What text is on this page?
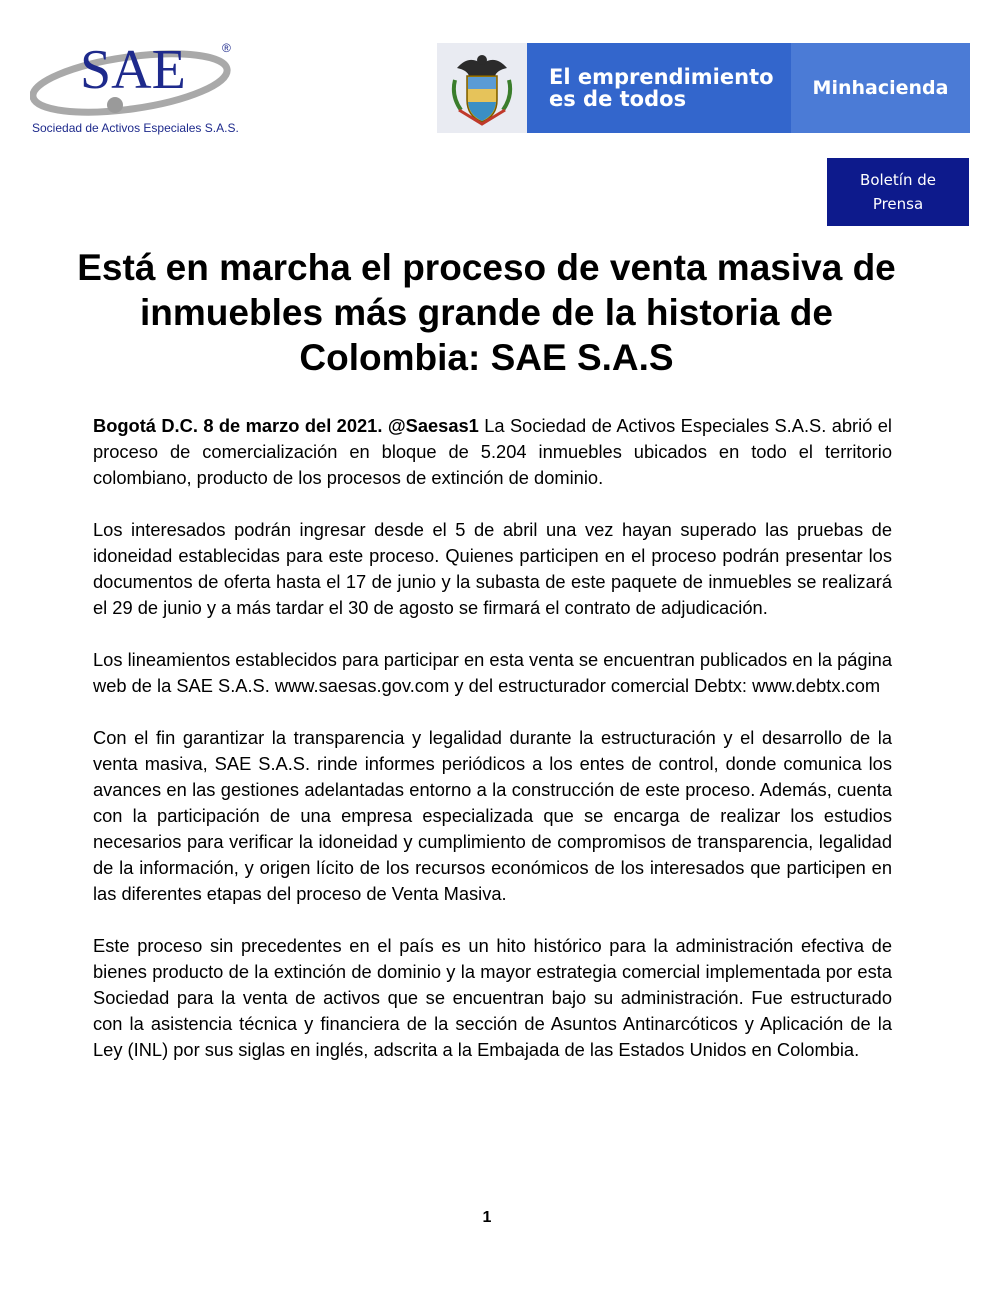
SAE	®
Sociedad de Activos Especiales S.A.S.
El emprendimiento
es de todos	Minhacienda
Boletín de
Prensa
Está en marcha el proceso de venta masiva de inmuebles más grande de la historia de Colombia: SAE S.A.S

Bogotá D.C. 8 de marzo del 2021. @Saesas1 La Sociedad de Activos Especiales S.A.S. abrió el proceso de comercialización en bloque de 5.204 inmuebles ubicados en todo el territorio colombiano, producto de los procesos de extinción de dominio.

Los interesados podrán ingresar desde el 5 de abril una vez hayan superado las pruebas de idoneidad establecidas para este proceso. Quienes participen en el proceso podrán presentar los documentos de oferta hasta el 17 de junio y la subasta de este paquete de inmuebles se realizará el 29 de junio y a más tardar el 30 de agosto se firmará el contrato de adjudicación.

Los lineamientos establecidos para participar en esta venta se encuentran publicados en la página web de la SAE S.A.S. www.saesas.gov.com y del estructurador comercial Debtx: www.debtx.com

Con el fin garantizar la transparencia y legalidad durante la estructuración y el desarrollo de la venta masiva, SAE S.A.S. rinde informes periódicos a los entes de control, donde comunica los avances en las gestiones adelantadas entorno a la construcción de este proceso. Además, cuenta con la participación de una empresa especializada que se encarga de realizar los estudios necesarios para verificar la idoneidad y cumplimiento de compromisos de transparencia, legalidad de la información, y origen lícito de los recursos económicos de los interesados que participen en las diferentes etapas del proceso de Venta Masiva.

Este proceso sin precedentes en el país es un hito histórico para la administración efectiva de bienes producto de la extinción de dominio y la mayor estrategia comercial implementada por esta Sociedad para la venta de activos que se encuentran bajo su administración. Fue estructurado con la asistencia técnica y financiera de la sección de Asuntos Antinarcóticos y Aplicación de la Ley (INL) por sus siglas en inglés, adscrita a la Embajada de las Estados Unidos en Colombia.

1
